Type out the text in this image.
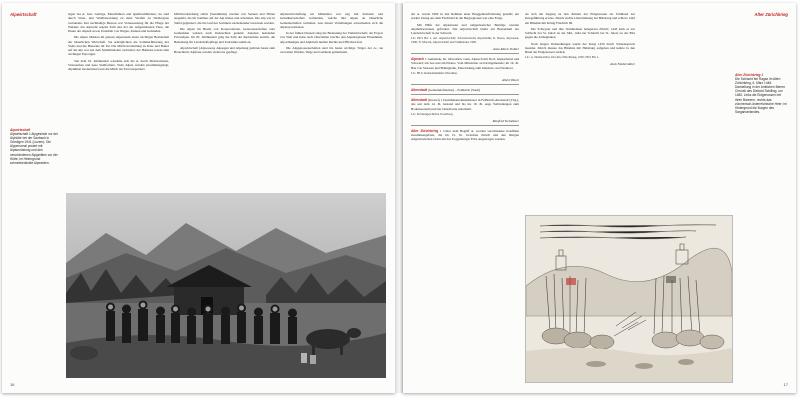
Alpwirtschaft
Alpwirtschaft
Alpwirtschaft 1 Alpgesinde vor der Alphütte bei der Sanbach in Gümligen 1941 (Luzern). Die Alppersonal posiert mit Alpausrüstung und den verschiedenen Alpgeräten vor der Hütte; im Hintergrund schneebedeckte Alpweiden.

lagen bei A. bzw. Gebirge, Einzelfuhren und Quellverhältnisse; sie sind durch Streu- und Waldbeweidung zu einer Vielfalt an Weidetypen verbunden. Der nachhaltige Bestoss war Voraussetzung für die Pflege der Weiden; das Alprecht regelte Zahl und Art der aufgetriebenen Tiere, die Dauer der Alpzeit sowie Unterhalt von Wegen, Zäunen und Gebäuden.

Die Alpen bildeten im ganzen Alpenraum einen wichtigen Bestandteil der bäuerlichen Wirtschaft. Sie ermöglichten die Sommerfütterung des Viehs und die Heuernte im Tal. Die Milchverarbeitung zu Käse und Butter auf der Alp war seit dem Spätmittelalter verbreitet; der Hartkäse wurde zum wichtigen Exportgut.

Seit dem 19. Jahrhundert wandelte sich die A. durch Meliorationen, Strassenbau und neue Stallformen. Viele Alpen wurden zusammengelegt, Alphütten modernisiert und die Milch ins Tal transportiert.

Milchverarbeitung selbst (Sennhütten) wurden von Sennen und Hirten ausgeübt, die im Sommer auf der Alp lebten und arbeiteten. Die Alp war in Stafel gegliedert, die im Lauf des Sommers nacheinander bestossen wurden.

Die Alpen im Besitz von Korporationen, Genossenschaften oder Gemeinden wurden nach Kuhrechten genutzt; daneben bestanden Privatalpen. Im 20. Jahrhundert ging die Zahl der Alpbetriebe zurück, die Bedeutung für Landschaftspflege und Tourismus nahm zu.

Alpwirtschaft (Alpwesen), Alpsegen und Alpabzug gehören heute zum Brauchtum; Alpfeste werden vielerorts gepflegt.

Alpbewirtschaftung im Mittelalter war eng mit Klöstern und Grundherrschaften verbunden, welche ihre Alpen an bäuerliche Gemeinschaften verliehen. Aus diesen Verleihungen entwickelten sich die Alpkorporationen.

In der frühen Neuzeit stieg die Bedeutung der Viehwirtschaft; der Export von Vieh und Käse nach Oberitalien brachte den Alpenregionen Einnahmen. Alpordnungen und Alpbriefe hielten Rechte und Pflichten fest.

Die Alpgenossenschaften sind bis heute wichtige Träger der A.; sie verwalten Weiden, Wege und Gebäude gemeinsam.

16
Alter Zürichkrieg

der A. wurde 1960 in den Rahmen einer Berggebietsförderung gestellt; ein starker Zuzug aus dem Flachland in die Bergregionen war eine Folge.

Mit Hilfe der Alpkataster und eidgenössischer Beiträge wurden Alpmeliorationen gefördert. Die Alpwirtschaft bleibt ein Bestandteil der Landwirtschaft in der Schweiz.

Lit.: HLS Bd. 1, Art. Alpwirtschaft; Schweizerische Alpstatistik; R. Ruoss, Alpwesen, 1990; N. Morard, Alpwirtschaft und Viehhandel, 1985.
Anne-Marie Dubler

Alpnach 1 Gemeinde, Kt. Obwalden, Gem. Alpnach mit Dorf, Alpnachstad und Schoried; am See und am Pilatus. Vom Mittelalter an Kirchgemeinde; im 19. Jh. Bau von Strassen und Brünigbahn, Entwicklung zum Industrie- und Wohnort.

Lit.: HLS; Kunstdenkmäler Obwalden.
Albert Hauri

Altenstadt (Gemeindefraktion) – Feldkirch (Stadt)

Altenstadt (Kloster) 1 Dominikanerinnenkloster in Feldkirch-Altenstadt (Vbg.), das seit dem 14. Jh. bestand und bis ins 19. Jh. enge Verbindungen zum Bodenseeraum und zur Ostschweiz unterhielt.

Lit.: Kirchengeschichte Vorarlberg.
Manfred Tschaikner

Alter Zürichkrieg 1 Unter dem Begriff A. werden verschiedene Konflikte zusammengefasst, die im 15. Jh. zwischen Zürich und den übrigen eidgenössischen Orten um das Toggenburger Erbe ausgetragen wurden.

als sich die Zugang zu den Ämtern der Eidgenossen als Schlüssel zur Kriegsführung erwies. Zürich suchte Unterstützung bei Habsburg und schloss 1442 ein Bündnis mit König Friedrich III.

Die Schwyzer und ihre Verbündeten belagerten Zürich; 1443 kam es zur Schlacht bei St. Jakob an der Sihl, 1444 zur Schlacht bei St. Jakob an der Birs gegen die Armagnaken.

Nach langen Verhandlungen wurde der Krieg 1450 durch Schiedsspruch beendet. Zürich musste das Bündnis mit Habsburg aufgeben und kehrte in den Bund der Eidgenossen zurück.

Lit.: A. Niederstätter, Der Alte Zürichkrieg, 1995; HLS Bd. 1.
Alois Niederstätter
Alter Zürichkrieg 1
Die Schlacht bei Ragaz im Alten Zürichkrieg, 6. März 1446. Darstellung in der Amtlichen Berner Chronik des Diebold Schilling, um 1480. Links die Eidgenossen mit ihren Bannern, rechts das zürcherisch-österreichische Heer; im Hintergrund die Burgen des Sarganserlandes.
17
